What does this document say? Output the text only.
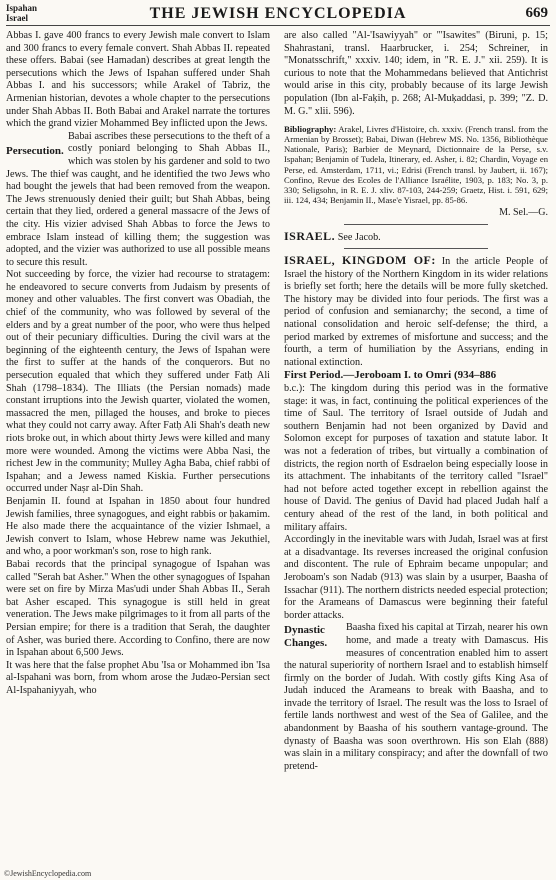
Ispahan
Israel	THE JEWISH ENCYCLOPEDIA	669

Abbas I. gave 400 francs to every Jewish male convert to Islam and 300 francs to every female convert. Shah Abbas II. repeated these offers. Babai (see Hamadan) describes at great length the persecutions which the Jews of Ispahan suffered under Shah Abbas I. and his successors; while Arakel of Tabriz, the Armenian historian, devotes a whole chapter to the persecutions under Shah Abbas II. Both Babai and Arakel narrate the tortures which the grand vizier Mohammed Bey inflicted upon the Jews.

Persecution.
Babai ascribes these persecutions to the theft of a costly poniard belonging to Shah Abbas II., which was stolen by his gardener and sold to two Jews. The thief was caught, and he identified the two Jews who had bought the jewels that had been removed from the weapon. The Jews strenuously denied their guilt; but Shah Abbas, being certain that they lied, ordered a general massacre of the Jews of the city. His vizier advised Shah Abbas to force the Jews to embrace Islam instead of killing them; the suggestion was adopted, and the vizier was authorized to use all possible means to secure this result.

Not succeeding by force, the vizier had recourse to stratagem: he endeavored to secure converts from Judaism by presents of money and other valuables. The first convert was Obadiah, the chief of the community, who was followed by several of the elders and by a great number of the poor, who were thus helped out of their pecuniary difficulties. During the civil wars at the beginning of the eighteenth century, the Jews of Ispahan were the first to suffer at the hands of the conquerors. But no persecution equaled that which they suffered under Fatḥ Ali Shah (1798–1834). The Illiats (the Persian nomads) made constant irruptions into the Jewish quarter, violated the women, massacred the men, pillaged the houses, and broke to pieces what they could not carry away. After Fatḥ Ali Shah's death new riots broke out, in which about thirty Jews were killed and many more were wounded. Among the victims were Abba Nasi, the richest Jew in the community; Mulley Agha Baba, chief rabbi of Ispahan; and a Jewess named Kiskia. Further persecutions occurred under Naṣr al-Din Shah.

Benjamin II. found at Ispahan in 1850 about four hundred Jewish families, three synagogues, and eight rabbis or ḥakamim. He also made there the acquaintance of the vizier Ishmael, a Jewish convert to Islam, whose Hebrew name was Jekuthiel, and who, a poor workman's son, rose to high rank.

Babai records that the principal synagogue of Ispahan was called "Serah bat Asher." When the other synagogues of Ispahan were set on fire by Mirza Mas'udi under Shah Abbas II., Serah bat Asher escaped. This synagogue is still held in great veneration. The Jews make pilgrimages to it from all parts of the Persian empire; for there is a tradition that Serah, the daughter of Asher, was buried there. According to Confino, there are now in Ispahan about 6,500 Jews.

It was here that the false prophet Abu 'Isa or Mohammed ibn 'Isa al-Ispahani was born, from whom arose the Judæo-Persian sect Al-Ispahaniyyah, who

are also called "Al-'Isawiyyah" or "'Isawites" (Biruni, p. 15; Shahrastani, transl. Haarbrucker, i. 254; Schreiner, in "Monatsschrift," xxxiv. 140; idem, in "R. E. J." xii. 259). It is curious to note that the Mohammedans believed that Antichrist would arise in this city, probably because of its large Jewish population (Ibn al-Faḳih, p. 268; Al-Muḳaddasi, p. 399; "Z. D. M. G." xlii. 596).

Bibliography: Arakel, Livres d'Histoire, ch. xxxiv. (French transl. from the Armenian by Brosset); Babai, Diwan (Hebrew MS. No. 1356, Bibliothèque Nationale, Paris); Barbier de Meynard, Dictionnaire de la Perse, s.v. Ispahan; Benjamin of Tudela, Itinerary, ed. Asher, i. 82; Chardin, Voyage en Perse, ed. Amsterdam, 1711, vi.; Edrisi (French transl. by Jaubert, ii. 167); Confino, Revue des Ecoles de l'Alliance Israélite, 1903, p. 183; No. 3, p. 330; Seligsohn, in R. E. J. xliv. 87-103, 244-259; Graetz, Hist. i. 591, 629; iii. 124, 434; Benjamin II., Mase'e Yisrael, pp. 85-86.
M. Sel.—G.

ISRAEL. See Jacob.

ISRAEL, KINGDOM OF: In the article People of Israel the history of the Northern Kingdom in its wider relations is briefly set forth; here the details will be more fully sketched. The history may be divided into four periods. The first was a period of confusion and semianarchy; the second, a time of national consolidation and heroic self-defense; the third, a period marked by extremes of misfortune and success; and the fourth, a term of humiliation by the Assyrians, ending in national extinction.

First Period.—Jeroboam I. to Omri (934–886
b.c.): The kingdom during this period was in the formative stage: it was, in fact, continuing the political experiences of the time of Saul. The territory of Israel outside of Judah and southern Benjamin had not been organized by David and Solomon except for purposes of taxation and statute labor. It was not a federation of tribes, but virtually a combination of districts, the region north of Esdraelon being especially loose in its attachment. The inhabitants of the territory called "Israel" had not before acted together except in rebellion against the house of David. The genius of David had placed Judah half a century ahead of the rest of the land, in both political and military affairs.

Accordingly in the inevitable wars with Judah, Israel was at first at a disadvantage. Its reverses increased the original confusion and discontent. The rule of Ephraim became unpopular; and Jeroboam's son Nadab (913) was slain by a usurper, Baasha of Issachar (911). The northern districts needed especial protection; for the Arameans of Damascus were beginning their fateful border attacks.

Dynastic Changes.
Baasha fixed his capital at Tirzah, nearer his own home, and made a treaty with Damascus. His measures of concentration enabled him to assert the natural superiority of northern Israel and to establish himself firmly on the border of Judah. With costly gifts King Asa of Judah induced the Arameans to break with Baasha, and to invade the territory of Israel. The result was the loss to Israel of fertile lands northwest and west of the Sea of Galilee, and the abandonment by Baasha of his southern vantage-ground. The dynasty of Baasha was soon overthrown. His son Elah (888) was slain in a military conspiracy; and after the downfall of two pretend-

©JewishEncyclopedia.com
